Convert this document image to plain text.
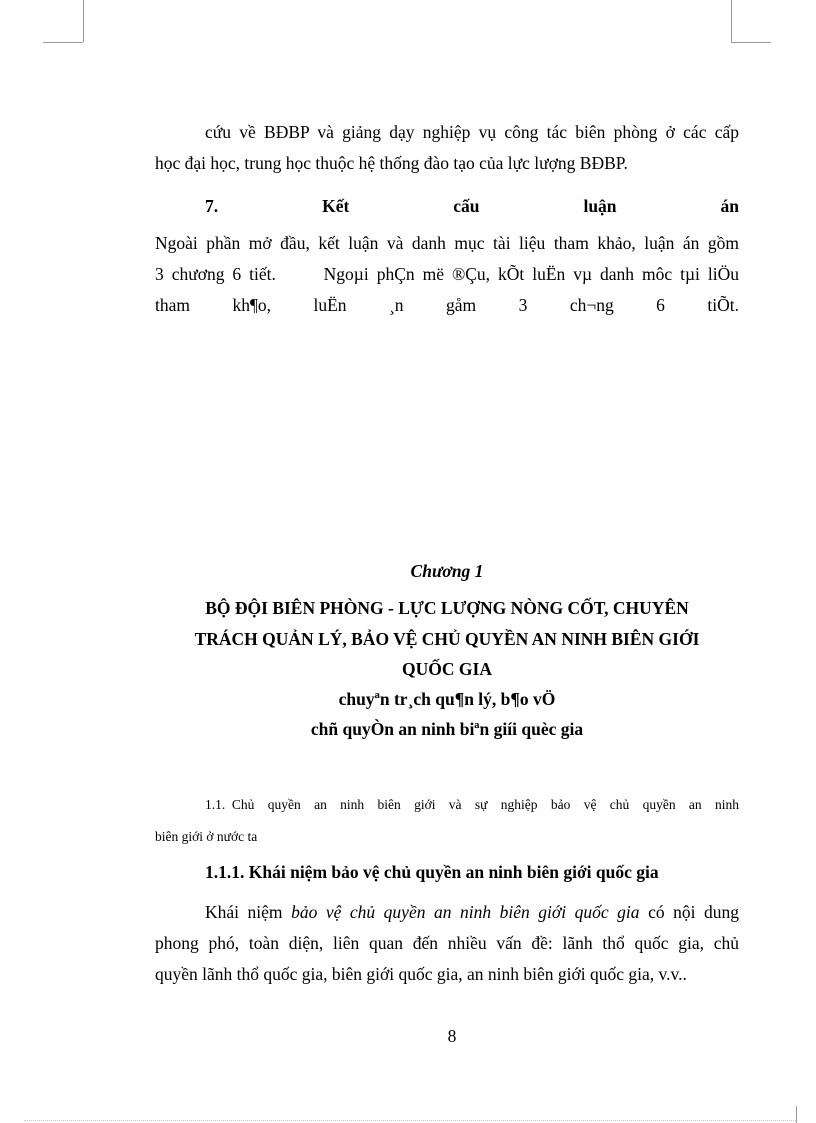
cứu về BĐBP và giảng dạy nghiệp vụ công tác biên phòng ở các cấp
học đại học, trung học thuộc hệ thống đào tạo của lực lượng BĐBP.
7.	Kết	cấu	luận	án
Ngoài phần mở đầu, kết luận và danh mục tài liệu tham khảo, luận án gồm
3 chương 6 tiết.      Ngoµi phÇn më ®Çu, kÕt luËn vµ danh môc tµi liÖu
tham kh¶o, luËn ¸n gåm 3 ch¬ng 6 tiÕt.
Chương 1
BỘ ĐỘI BIÊN PHÒNG - LỰC LƯỢNG NÒNG CỐT, CHUYÊN
TRÁCH QUẢN LÝ, BẢO VỆ CHỦ QUYỀN AN NINH BIÊN GIỚI
QUỐC GIA
chuyªn tr¸ch qu¶n lý, b¶o vÖ
chñ quyÒn an ninh biªn giíi quèc gia
1.1. Chủ  quyền  an  ninh  biên  giới  và  sự  nghiệp  bảo  vệ  chủ  quyền  an  ninh
biên giới ở nước ta
1.1.1. Khái niệm bảo vệ chủ quyền an ninh biên giới quốc gia
Khái niệm bảo vệ chủ quyền an ninh biên giới quốc gia có nội dung
phong phó, toàn diện, liên quan đến nhiều vấn đề: lãnh thổ quốc gia, chủ
quyền lãnh thổ quốc gia, biên giới quốc gia, an ninh biên giới quốc gia, v.v..
8
